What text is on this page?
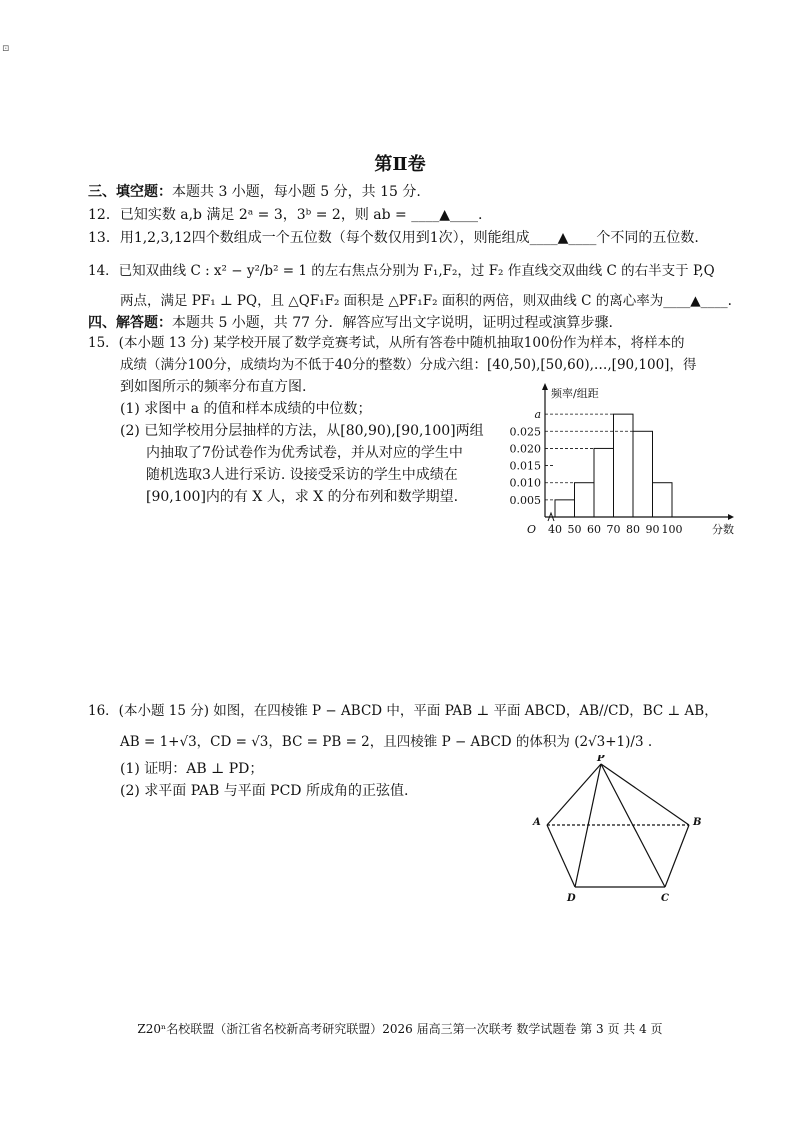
⊡
第Ⅱ卷
三、填空题：本题共 3 小题，每小题 5 分，共 15 分.
12．已知实数 a,b 满足 2ᵃ = 3，3ᵇ = 2，则 ab = ____▲____.
13．用1,2,3,12四个数组成一个五位数（每个数仅用到1次），则能组成____▲____个不同的五位数.
14．已知双曲线 C : x² − y²/b² = 1 的左右焦点分别为 F₁,F₂，过 F₂ 作直线交双曲线 C 的右半支于 P,Q
两点，满足 PF₁ ⊥ PQ，且 △QF₁F₂ 面积是 △PF₁F₂ 面积的两倍，则双曲线 C 的离心率为____▲____.
四、解答题：本题共 5 小题，共 77 分．解答应写出文字说明，证明过程或演算步骤.
15．(本小题 13 分) 某学校开展了数学竞赛考试，从所有答卷中随机抽取100份作为样本，将样本的
成绩（满分100分，成绩均为不低于40分的整数）分成六组：[40,50),[50,60),…,[90,100]，得
到如图所示的频率分布直方图.
(1) 求图中 a 的值和样本成绩的中位数；
(2) 已知学校用分层抽样的方法，从[80,90),[90,100]两组
内抽取了7份试卷作为优秀试卷，并从对应的学生中
随机选取3人进行采访. 设接受采访的学生中成绩在
[90,100]内的有 X 人，求 X 的分布列和数学期望.	0.005
0.010
0.015
0.020
0.025
a
40 50 60 70 80 90 100	分数
频率/组距
O
16．(本小题 15 分) 如图，在四棱锥 P − ABCD 中，平面 PAB ⊥ 平面 ABCD，AB//CD，BC ⊥ AB，
AB = 1+√3，CD = √3，BC = PB = 2，且四棱锥 P − ABCD 的体积为 (2√3+1)/3 .
(1) 证明：AB ⊥ PD；
(2) 求平面 PAB 与平面 PCD 所成角的正弦值.
P
A	B
D	C
Z20ⁿ名校联盟（浙江省名校新高考研究联盟）2026 届高三第一次联考 数学试题卷 第 3 页 共 4 页
